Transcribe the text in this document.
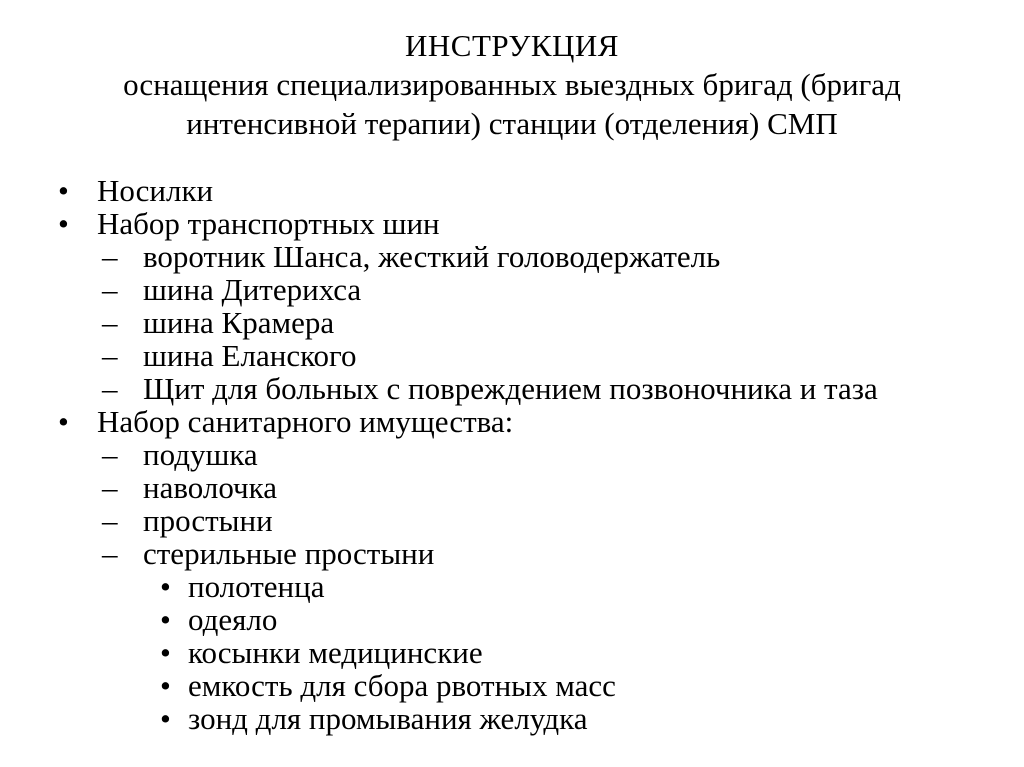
ИНСТРУКЦИЯ
оснащения специализированных выездных бригад (бригад
интенсивной терапии) станции (отделения) СМП
• Носилки
• Набор транспортных шин
– воротник Шанса, жесткий головодержатель
– шина Дитерихса
– шина Крамера
– шина Еланского
– Щит для больных с повреждением позвоночника и таза
• Набор санитарного имущества:
– подушка
– наволочка
– простыни
– стерильные простыни
• полотенца
• одеяло
• косынки медицинские
• емкость для сбора рвотных масс
• зонд для промывания желудка
